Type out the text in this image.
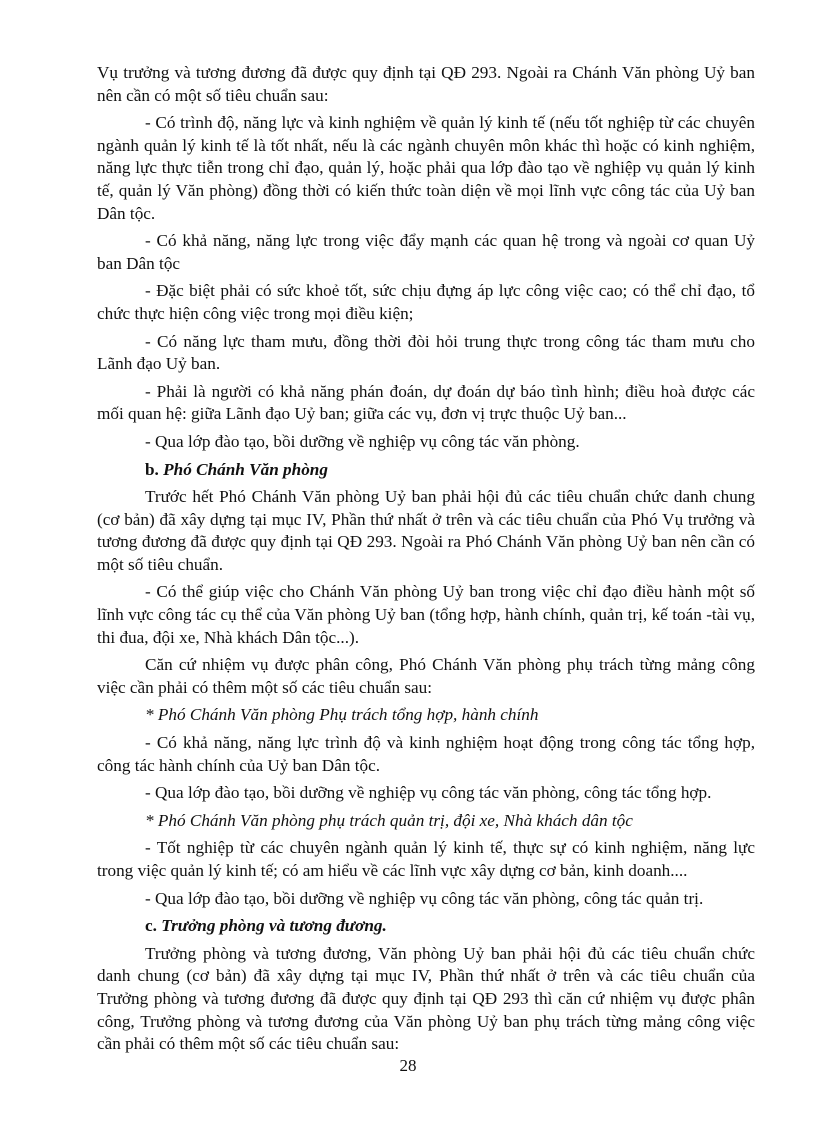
Vụ trưởng và tương đương đã được quy định tại QĐ 293. Ngoài ra Chánh Văn phòng Uỷ ban nên cần có một số tiêu chuẩn sau:

- Có trình độ, năng lực và kinh nghiệm về quản lý kinh tế (nếu tốt nghiệp từ các chuyên ngành quản lý kinh tế là tốt nhất, nếu là các ngành chuyên môn khác thì hoặc có kinh nghiệm, năng lực thực tiễn trong chỉ đạo, quản lý, hoặc phải qua lớp đào tạo về nghiệp vụ quản lý kinh tế, quản lý Văn phòng) đồng thời có kiến thức toàn diện về mọi lĩnh vực công tác của Uỷ ban Dân tộc.

- Có khả năng, năng lực trong việc đẩy mạnh các quan hệ trong và ngoài cơ quan Uỷ ban Dân tộc

- Đặc biệt phải có sức khoẻ tốt, sức chịu đựng áp lực công việc cao; có thể chỉ đạo, tổ chức thực hiện công việc trong mọi điều kiện;

- Có năng lực tham mưu, đồng thời đòi hỏi trung thực trong công tác tham mưu cho Lãnh đạo Uỷ ban.

- Phải là người có khả năng phán đoán, dự đoán dự báo tình hình; điều hoà được các mối quan hệ: giữa Lãnh đạo Uỷ ban; giữa các vụ, đơn vị trực thuộc Uỷ ban...

- Qua lớp đào tạo, bồi dưỡng về nghiệp vụ công tác văn phòng.

b. Phó Chánh Văn phòng

Trước hết Phó Chánh Văn phòng Uỷ ban phải hội đủ các tiêu chuẩn chức danh chung (cơ bản) đã xây dựng tại mục IV, Phần thứ nhất ở trên và các tiêu chuẩn của Phó Vụ trưởng và tương đương đã được quy định tại QĐ 293. Ngoài ra Phó Chánh Văn phòng Uỷ ban nên cần có một số tiêu chuẩn.

- Có thể giúp việc cho Chánh Văn phòng Uỷ ban trong việc chỉ đạo điều hành một số lĩnh vực công tác cụ thể của Văn phòng Uỷ ban (tổng hợp, hành chính, quản trị, kế toán -tài vụ, thi đua, đội xe, Nhà khách Dân tộc...).

Căn cứ nhiệm vụ được phân công, Phó Chánh Văn phòng phụ trách từng mảng công việc cần phải có thêm một số các tiêu chuẩn sau:

* Phó Chánh Văn phòng Phụ trách tổng hợp, hành chính

- Có khả năng, năng lực trình độ và kinh nghiệm hoạt động trong công tác tổng hợp, công tác hành chính của Uỷ ban Dân tộc.

- Qua lớp đào tạo, bồi dưỡng về nghiệp vụ công tác văn phòng, công tác tổng hợp.

* Phó Chánh Văn phòng phụ trách quản trị, đội xe, Nhà khách dân tộc

- Tốt nghiệp từ các chuyên ngành quản lý kinh tế, thực sự có kinh nghiệm, năng lực trong việc quản lý kinh tế; có am hiểu về các lĩnh vực xây dựng cơ bản, kinh doanh....

- Qua lớp đào tạo, bồi dưỡng về nghiệp vụ công tác văn phòng, công tác quản trị.

c. Trưởng phòng và tương đương.

Trưởng phòng và tương đương, Văn phòng Uỷ ban phải hội đủ các tiêu chuẩn chức danh chung (cơ bản) đã xây dựng tại mục IV, Phần thứ nhất ở trên và các tiêu chuẩn của Trưởng phòng và tương đương đã được quy định tại QĐ 293 thì căn cứ nhiệm vụ được phân công, Trưởng phòng và tương đương của Văn phòng Uỷ ban phụ trách từng mảng công việc cần phải có thêm một số các tiêu chuẩn sau:

28
